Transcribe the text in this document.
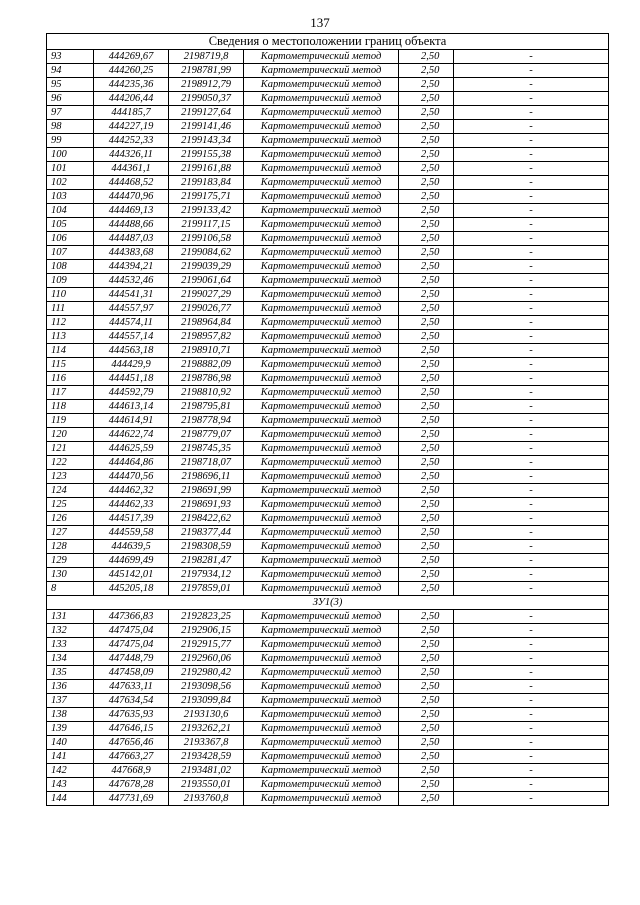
137
Сведения о местоположении границ объекта					
93	444269,67	2198719,8	Картометрический метод	2,50	-
94	444260,25	2198781,99	Картометрический метод	2,50	-
95	444235,36	2198912,79	Картометрический метод	2,50	-
96	444206,44	2199050,37	Картометрический метод	2,50	-
97	444185,7	2199127,64	Картометрический метод	2,50	-
98	444227,19	2199141,46	Картометрический метод	2,50	-
99	444252,33	2199143,34	Картометрический метод	2,50	-
100	444326,11	2199155,38	Картометрический метод	2,50	-
101	444361,1	2199161,88	Картометрический метод	2,50	-
102	444468,52	2199183,84	Картометрический метод	2,50	-
103	444470,96	2199175,71	Картометрический метод	2,50	-
104	444469,13	2199133,42	Картометрический метод	2,50	-
105	444488,66	2199117,15	Картометрический метод	2,50	-
106	444487,03	2199106,58	Картометрический метод	2,50	-
107	444383,68	2199084,62	Картометрический метод	2,50	-
108	444394,21	2199039,29	Картометрический метод	2,50	-
109	444532,46	2199061,64	Картометрический метод	2,50	-
110	444541,31	2199027,29	Картометрический метод	2,50	-
111	444557,97	2199026,77	Картометрический метод	2,50	-
112	444574,11	2198964,84	Картометрический метод	2,50	-
113	444557,14	2198957,82	Картометрический метод	2,50	-
114	444563,18	2198910,71	Картометрический метод	2,50	-
115	444429,9	2198882,09	Картометрический метод	2,50	-
116	444451,18	2198786,98	Картометрический метод	2,50	-
117	444592,79	2198810,92	Картометрический метод	2,50	-
118	444613,14	2198795,81	Картометрический метод	2,50	-
119	444614,91	2198778,94	Картометрический метод	2,50	-
120	444622,74	2198779,07	Картометрический метод	2,50	-
121	444625,59	2198745,35	Картометрический метод	2,50	-
122	444464,86	2198718,07	Картометрический метод	2,50	-
123	444470,56	2198696,11	Картометрический метод	2,50	-
124	444462,32	2198691,99	Картометрический метод	2,50	-
125	444462,33	2198691,93	Картометрический метод	2,50	-
126	444517,39	2198422,62	Картометрический метод	2,50	-
127	444559,58	2198377,44	Картометрический метод	2,50	-
128	444639,5	2198308,59	Картометрический метод	2,50	-
129	444699,49	2198281,47	Картометрический метод	2,50	-
130	445142,01	2197934,12	Картометрический метод	2,50	-
8	445205,18	2197859,01	Картометрический метод	2,50	-
ЗУ1(3)					
131	447366,83	2192823,25	Картометрический метод	2,50	-
132	447475,04	2192906,15	Картометрический метод	2,50	-
133	447475,04	2192915,77	Картометрический метод	2,50	-
134	447448,79	2192960,06	Картометрический метод	2,50	-
135	447458,09	2192980,42	Картометрический метод	2,50	-
136	447633,11	2193098,56	Картометрический метод	2,50	-
137	447634,54	2193099,84	Картометрический метод	2,50	-
138	447635,93	2193130,6	Картометрический метод	2,50	-
139	447646,15	2193262,21	Картометрический метод	2,50	-
140	447656,46	2193367,8	Картометрический метод	2,50	-
141	447663,27	2193428,59	Картометрический метод	2,50	-
142	447668,9	2193481,02	Картометрический метод	2,50	-
143	447678,28	2193550,01	Картометрический метод	2,50	-
144	447731,69	2193760,8	Картометрический метод	2,50	-
